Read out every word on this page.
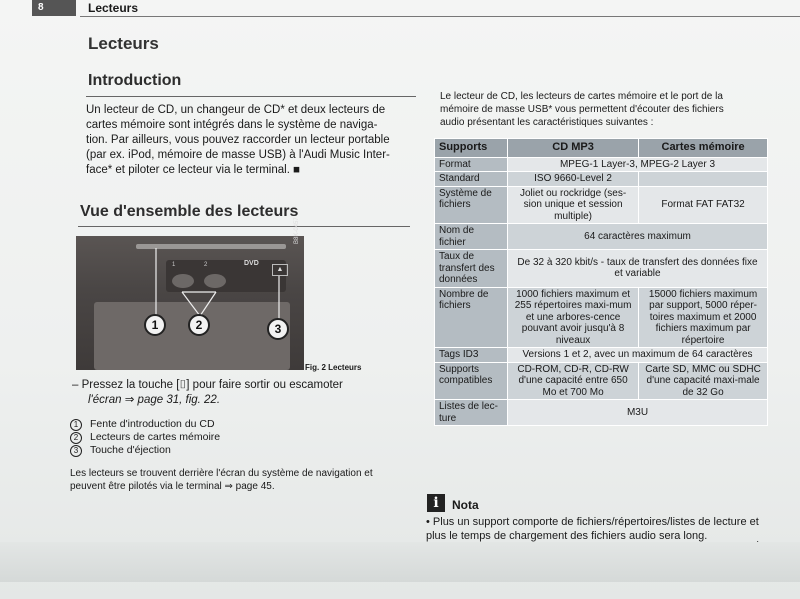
8	Lecteurs
Lecteurs
Introduction
Un lecteur de CD, un changeur de CD* et deux lecteurs de
cartes mémoire sont intégrés dans le système de naviga-
tion. Par ailleurs, vous pouvez raccorder un lecteur portable
(par ex. iPod, mémoire de masse USB) à l'Audi Music Inter-
face* et piloter ce lecteur via le terminal. ■
Vue d'ensemble des lecteurs
1	2	DVD
▲
1	2	3
B8K-0457
Fig. 2 Lecteurs
– Pressez la touche [⌷] pour faire sortir ou escamoter
l'écran ⇒ page 31, fig. 22.
1	Fente d'introduction du CD
2	Lecteurs de cartes mémoire
3	Touche d'éjection
Les lecteurs se trouvent derrière l'écran du système de navigation et
peuvent être pilotés via le terminal ⇒ page 45.
Le lecteur de CD, les lecteurs de cartes mémoire et le port de la
mémoire de masse USB* vous permettent d'écouter des fichiers
audio présentant les caractéristiques suivantes :
Supports	CD MP3	Cartes mémoire
Format	MPEG-1 Layer-3, MPEG-2 Layer 3	
Standard	ISO 9660-Level 2	
Système de fichiers	Joliet ou rockridge (ses-sion unique et session multiple)	Format FAT FAT32
Nom de fichier	64 caractères maximum	
Taux de transfert des données	De 32 à 320 kbit/s - taux de transfert des données fixe et variable	
Nombre de fichiers	1000 fichiers maximum et 255 répertoires maxi-mum et une arbores-cence pouvant avoir jusqu'à 8 niveaux	15000 fichiers maximum par support, 5000 réper-toires maximum et 2000 fichiers maximum par répertoire
Tags ID3	Versions 1 et 2, avec un maximum de 64 caractères	
Supports compatibles	CD-ROM, CD-R, CD-RW d'une capacité entre 650 Mo et 700 Mo	Carte SD, MMC ou SDHC d'une capacité maxi-male de 32 Go
Listes de lec-ture	M3U	
i	Nota

• Plus un support comporte de fichiers/répertoires/listes de lecture et plus le temps de chargement des fichiers audio sera long.
